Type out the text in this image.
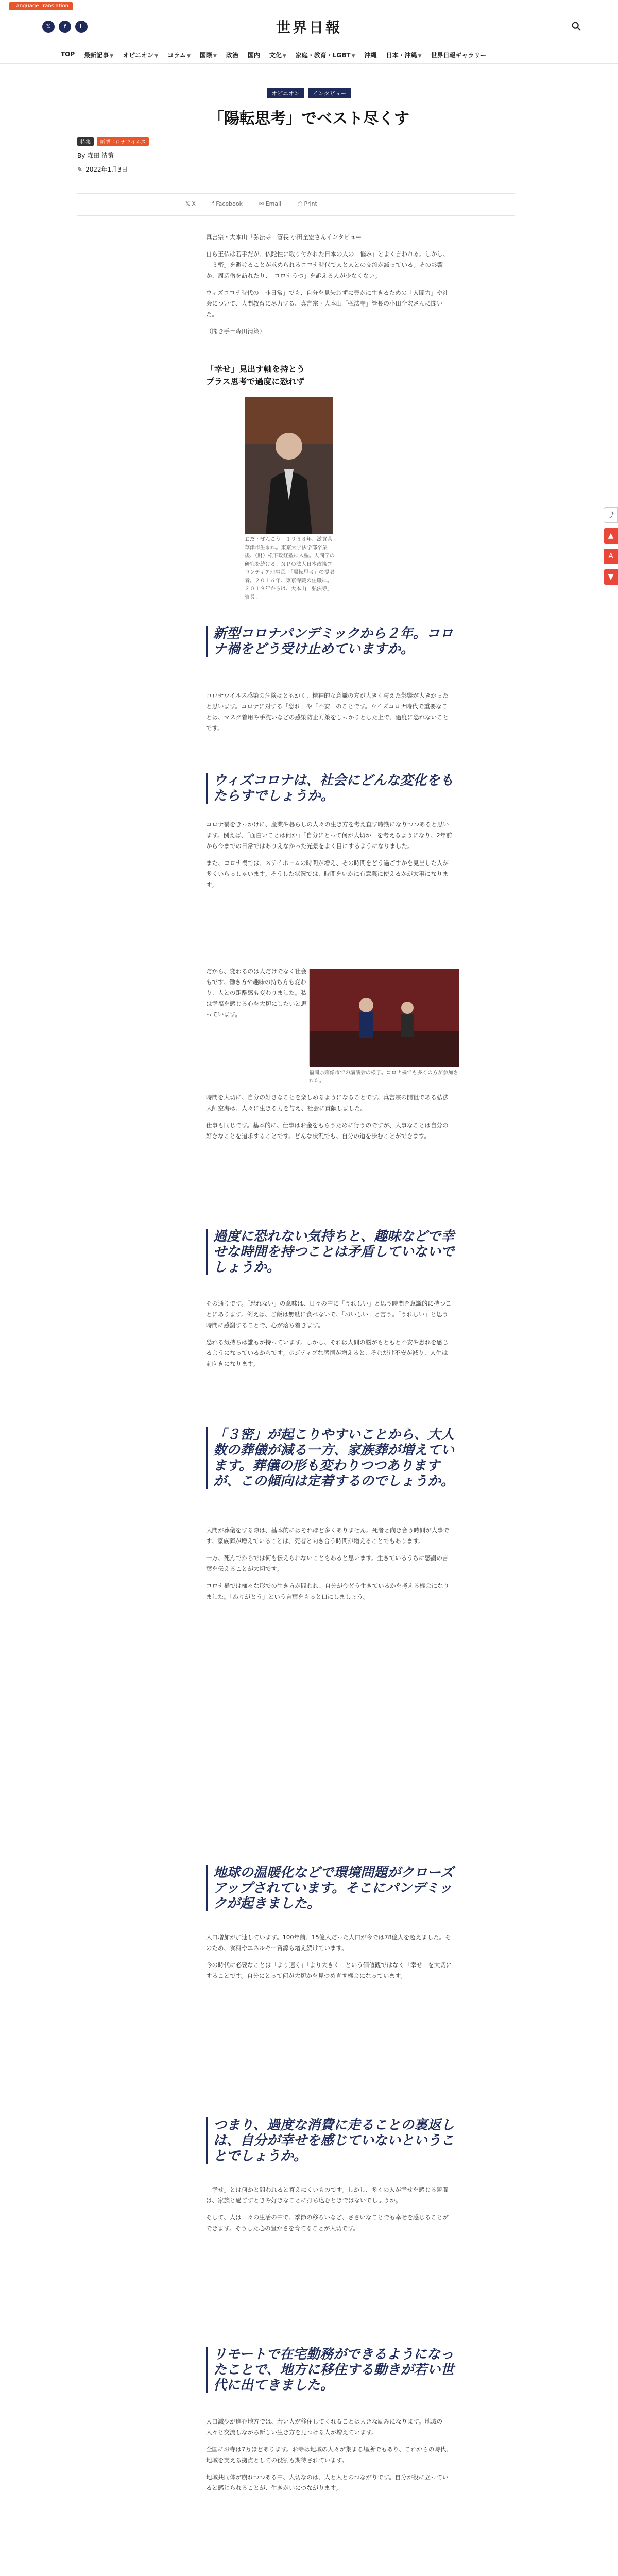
Language Translation
𝕏	f	L	世界日報
TOP 最新記事 ▼ オピニオン ▼ コラム ▼ 国際 ▼ 政治 国内 文化 ▼ 家庭・教育・LGBT ▼ 沖縄 日本・沖縄 ▼ 世界日報ギャラリー
オピニオン インタビュー
「陽転思考」でベスト尽くす
特集	新型コロナウイルス
By 森田 清策
✎ 2022年1月3日
𝕏 X	f Facebook	✉ Email	⎙ Print

真言宗・大本山「弘法寺」管長 小田全宏さんインタビュー

自ら王仏は若手だが、仏陀性に取り付かれた日本の人の「悩み」とよく言われる。しかし、「３密」を避けることが求められるコロナ時代で人と人との交流が減っている。その影響か、周辺僧を訪れたり、「コロナうつ」を訴える人が少なくない。

ウィズコロナ時代の「非日常」でも、自分を見失わずに豊かに生きるための「人間力」や社会について、大間教育に尽力する、真言宗・大本山「弘法寺」管長の小田全宏さんに聞いた。

（聞き手＝森田清策）

「幸せ」見出す軸を持とう
プラス思考で過度に恐れず
おだ・ぜんこう　１９５８年、滋賀県草津市生まれ。東京大学法学部卒業後、（財）松下政経塾に入塾。人間学の研究を続ける。ＮＰＯ法人日本政策フロンティア理事長。「陽転思考」の提唱者。２０１６年、東京寺院の住職に。２０１９年からは、大本山「弘法寺」管長。
新型コロナパンデミックから２年。コロナ禍をどう受け止めていますか。

コロナウイルス感染の危険はともかく、精神的な意識の方が大きく与えた影響が大きかったと思います。コロナに対する「恐れ」や「不安」のことです。ウイズコロナ時代で重要なことは、マスク着用や手洗いなどの感染防止対策をしっかりとした上で、過度に恐れないことです。

ウィズコロナは、社会にどんな変化をもたらすでしょうか。

コロナ禍をきっかけに、産業や暮らしの人々の生き方を考え直す時期になりつつあると思います。例えば、「面白いことは何か」「自分にとって何が大切か」を考えるようになり、2年前から今までの日常ではありえなかった光景をよく目にするようになりました。

また、コロナ禍では、ステイホームの時間が増え、その時間をどう過ごすかを見出した人が多くいらっしゃいます。そうした状況では、時間をいかに有意義に使えるかが大事になります。

だから、変わるのは人だけでなく社会もです。働き方や趣味の持ち方も変わり、人との距離感も変わりました。私は幸福を感じる心を大切にしたいと思っています。

福岡県宗像市での講演会の様子。コロナ禍でも多くの方が参加された。

時間を大切に、自分の好きなことを楽しめるようになることです。真言宗の開祖である弘法大師空海は、人々に生きる力を与え、社会に貢献しました。

仕事も同じです。基本的に、仕事はお金をもらうために行うのですが、大事なことは自分の好きなことを追求することです。どんな状況でも、自分の道を歩むことができます。

過度に恐れない気持ちと、趣味などで幸せな時間を持つことは矛盾していないでしょうか。

その通りです。「恐れない」の意味は、日々の中に「うれしい」と思う時間を意識的に持つことにあります。例えば、ご飯は無駄に食べないで、「おいしい」と言う。「うれしい」と思う時間に感謝することで、心が落ち着きます。

恐れる気持ちは誰もが持っています。しかし、それは人間の脳がもともと不安や恐れを感じるようになっているからです。ポジティブな感情が増えると、それだけ不安が減り、人生は前向きになります。

「３密」が起こりやすいことから、大人数の葬儀が減る一方、家族葬が増えています。葬儀の形も変わりつつありますが、この傾向は定着するのでしょうか。

大間が葬儀をする際は、基本的にはそれほど多くありません。死者と向き合う時間が大事です。家族葬が増えていることは、死者と向き合う時間が増えることでもあります。

一方、死んでからでは何も伝えられないこともあると思います。生きているうちに感謝の言葉を伝えることが大切です。

コロナ禍では様々な形での生き方が問われ、自分が今どう生きているかを考える機会になりました。「ありがとう」という言葉をもっと口にしましょう。

地球の温暖化などで環境問題がクローズアップされています。そこにパンデミックが起きました。

人口増加が加速しています。100年前、15億人だった人口が今では78億人を超えました。そのため、食料やエネルギー資源も増え続けています。

今の時代に必要なことは「より速く」「より大きく」という価値観ではなく「幸せ」を大切にすることです。自分にとって何が大切かを見つめ直す機会になっています。

つまり、過度な消費に走ることの裏返しは、自分が幸せを感じていないということでしょうか。

「幸せ」とは何かと問われると答えにくいものです。しかし、多くの人が幸せを感じる瞬間は、家族と過ごすときや好きなことに打ち込むときではないでしょうか。

そして、人は日々の生活の中で、季節の移ろいなど、ささいなことでも幸せを感じることができます。そうした心の豊かさを育てることが大切です。

リモートで在宅勤務ができるようになったことで、地方に移住する動きが若い世代に出てきました。

人口減少が進む地方では、若い人が移住してくれることは大きな励みになります。地域の人々と交流しながら新しい生き方を見つける人が増えています。

全国にお寺は7万ほどあります。お寺は地域の人々が集まる場所でもあり、これからの時代、地域を支える拠点としての役割も期待されています。

地域共同体が崩れつつある中、大切なのは、人と人とのつながりです。自分が役に立っていると感じられることが、生きがいにつながります。

⤴
▲
A
▼
